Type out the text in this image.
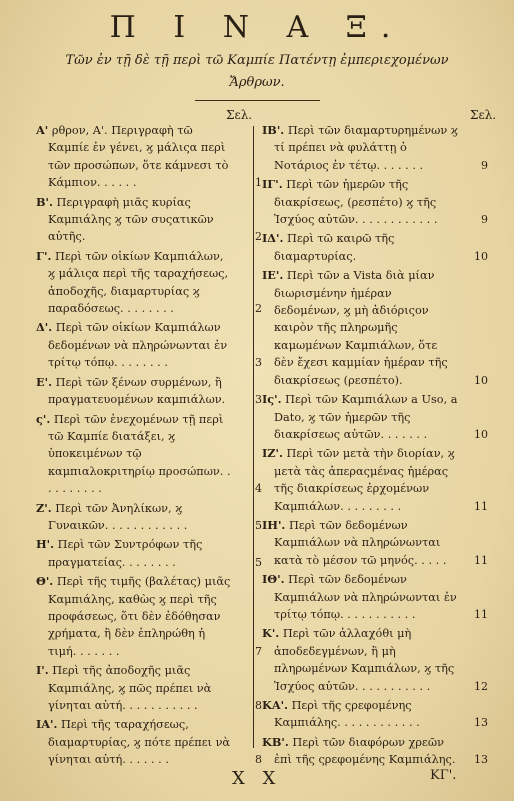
Π Ι Ν Α Ξ.
Τῶν ἐν τῇ δὲ τῇ περὶ τῶ Καμπίε Πατέντῃ ἐμπεριεχομένων Ἄρθρων.
Σελ.	Σελ.
Α' ρθρον, Α'. Περιγραφὴ τῶ Καμπίε ἐν γένει, ϗ μάλιςα περὶ τῶν προσώπων, ὅτε κάμνεσι τὸ Κάμπιον. . . . . .	1
Β'. Περιγραφὴ μιᾶς κυρίας Καμπιάλης ϗ τῶν συςατικῶν αὐτῆς.	2
Γ'. Περὶ τῶν οἰκίων Καμπιάλων, ϗ μάλιςα περὶ τῆς ταραχήσεως, ἀποδοχῆς, διαμαρτυρίας ϗ παραδόσεως. . . . . . . .	2
Δ'. Περὶ τῶν οἰκίων Καμπιάλων δεδομένων νὰ πληρώνωνται ἐν τρίτῳ τόπῳ. . . . . . . .	3
Ε'. Περὶ τῶν ξένων συρμένων, ἢ πραγματευομένων καμπιάλων.	3
ς'. Περὶ τῶν ἐνεχομένων τῇ περὶ τῶ Καμπίε διατάξει, ϗ ὑποκειμένων τῷ καμπιαλοκριτηρίῳ προσώπων. . . . . . . . . .	4
Ζ'. Περὶ τῶν Ἀνηλίκων, ϗ Γυναικῶν. . . . . . . . . . . .	5
Η'. Περὶ τῶν Συντρόφων τῆς πραγματείας. . . . . . . .	5
Θ'. Περὶ τῆς τιμῆς (βαλέτας) μιᾶς Καμπιάλης, καθὼς ϗ περὶ τῆς προφάσεως, ὅτι δὲν ἐδόθησαν χρήματα, ἢ δὲν ἐπληρώθη ἡ τιμή. . . . . . .	7
Ι'. Περὶ τῆς ἀποδοχῆς μιᾶς Καμπιάλης, ϗ πῶς πρέπει νὰ γίνηται αὐτή. . . . . . . . . . .	8
ΙΑ'. Περὶ τῆς ταραχήσεως, διαμαρτυρίας, ϗ πότε πρέπει νὰ γίνηται αὐτή. . . . . . .	8
ΙΒ'. Περὶ τῶν διαμαρτυρημένων ϗ τί πρέπει νὰ φυλάττῃ ὁ Νοτάριος ἐν τέτῳ. . . . . . .	9
ΙΓ'. Περὶ τῶν ἡμερῶν τῆς διακρίσεως, (ρεσπέτο) ϗ τῆς Ἰσχύος αὐτῶν. . . . . . . . . . . .	9
ΙΔ'. Περὶ τῶ καιρῶ τῆς διαμαρτυρίας.	10
ΙΕ'. Περὶ τῶν a Vista διὰ μίαν διωρισμένην ἡμέραν δεδομένων, ϗ μὴ ἀδιόριςον καιρὸν τῆς πληρωμῆς καμωμένων Καμπιάλων, ὅτε δὲν ἔχεσι καμμίαν ἡμέραν τῆς διακρίσεως (ρεσπέτο).	10
Ις'. Περὶ τῶν Καμπιάλων a Uso, a Dato, ϗ τῶν ἡμερῶν τῆς διακρίσεως αὐτῶν. . . . . . .	10
ΙΖ'. Περὶ τῶν μετὰ τὴν διορίαν, ϗ μετὰ τὰς ἀπεραςμένας ἡμέρας τῆς διακρίσεως ἐρχομένων Καμπιάλων. . . . . . . . .	11
ΙΗ'. Περὶ τῶν δεδομένων Καμπιάλων νὰ πληρώνωνται κατὰ τὸ μέσον τῶ μηνός. . . . .	11
ΙΘ'. Περὶ τῶν δεδομένων Καμπιάλων νὰ πληρώνωνται ἐν τρίτῳ τόπῳ. . . . . . . . . . .	11
Κ'. Περὶ τῶν ἀλλαχόθι μὴ ἀποδεδεγμένων, ἢ μὴ πληρωμένων Καμπιάλων, ϗ τῆς Ἰσχύος αὐτῶν. . . . . . . . . . .	12
ΚΑ'. Περὶ τῆς ςρεφομένης Καμπιάλης. . . . . . . . . . . .	13
ΚΒ'. Περὶ τῶν διαφόρων χρεῶν ἐπὶ τῆς ςρεφομένης Καμπιάλης.	13
Χ Χ	ΚΓ'.
